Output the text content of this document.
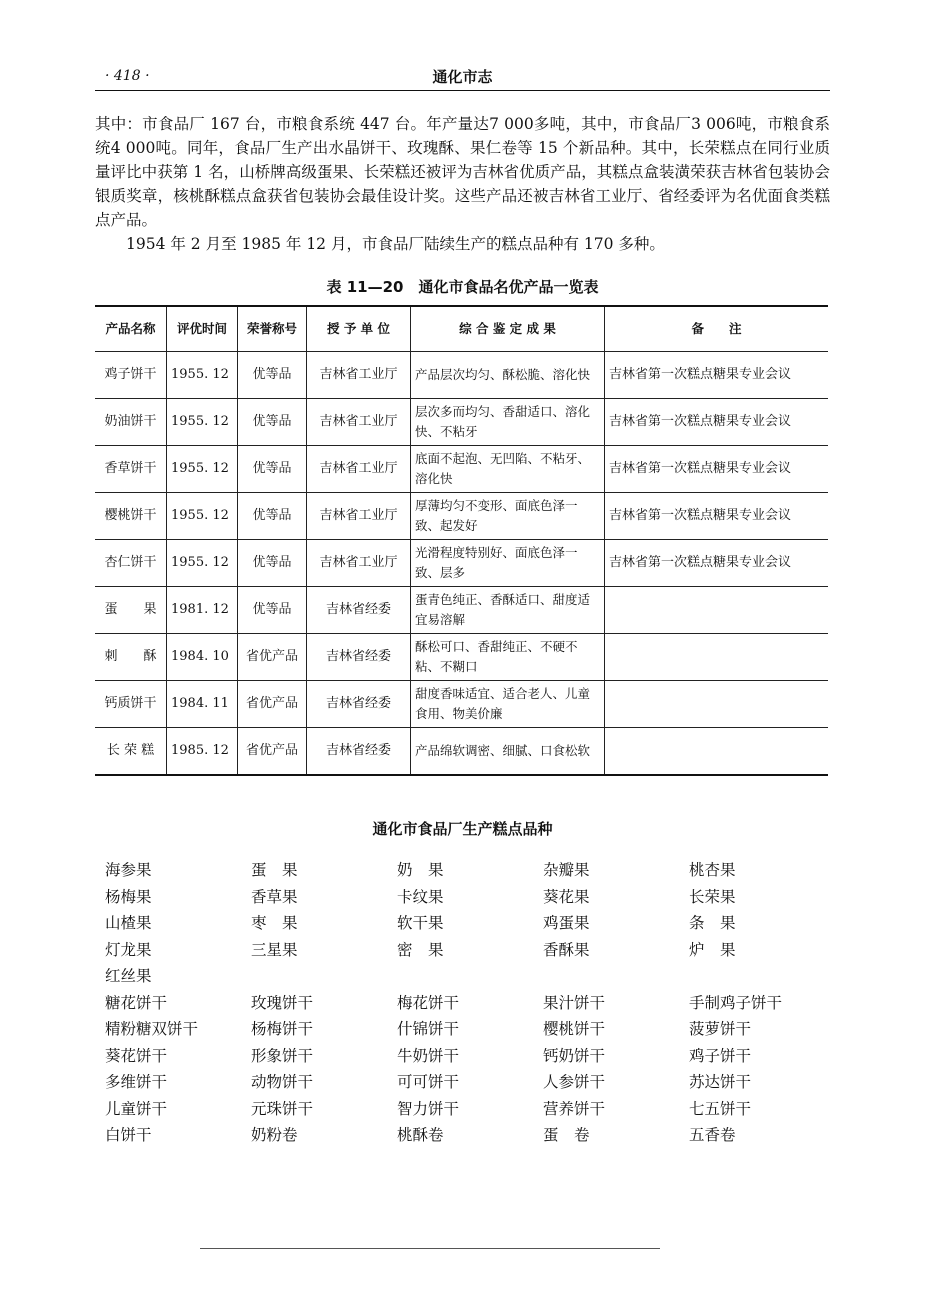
· 418 ·	通化市志

其中：市食品厂 167 台，市粮食系统 447 台。年产量达7 000多吨，其中，市食品厂3 006吨，市粮食系统4 000吨。同年，食品厂生产出水晶饼干、玫瑰酥、果仁卷等 15 个新品种。其中，长荣糕点在同行业质量评比中获第 1 名，山桥牌高级蛋果、长荣糕还被评为吉林省优质产品，其糕点盒装潢荣获吉林省包装协会银质奖章，核桃酥糕点盒获省包装协会最佳设计奖。这些产品还被吉林省工业厅、省经委评为名优面食类糕点产品。

1954 年 2 月至 1985 年 12 月，市食品厂陆续生产的糕点品种有 170 多种。

表 11—20　通化市食品名优产品一览表
产品名称	评优时间	荣誉称号	授 予 单 位	综 合 鉴 定 成 果	备　　注
鸡子饼干	1955. 12	优等品	吉林省工业厅	产品层次均匀、酥松脆、溶化快	吉林省第一次糕点糖果专业会议
奶油饼干	1955. 12	优等品	吉林省工业厅	层次多而均匀、香甜适口、溶化快、不粘牙	吉林省第一次糕点糖果专业会议
香草饼干	1955. 12	优等品	吉林省工业厅	底面不起泡、无凹陷、不粘牙、溶化快	吉林省第一次糕点糖果专业会议
樱桃饼干	1955. 12	优等品	吉林省工业厅	厚薄均匀不变形、面底色泽一致、起发好	吉林省第一次糕点糖果专业会议
杏仁饼干	1955. 12	优等品	吉林省工业厅	光滑程度特别好、面底色泽一致、层多	吉林省第一次糕点糖果专业会议
蛋　　果	1981. 12	优等品	吉林省经委	蛋青色纯正、香酥适口、甜度适宜易溶解	
刺　　酥	1984. 10	省优产品	吉林省经委	酥松可口、香甜纯正、不硬不粘、不糊口	
钙质饼干	1984. 11	省优产品	吉林省经委	甜度香味适宜、适合老人、儿童食用、物美价廉	
长 荣 糕	1985. 12	省优产品	吉林省经委	产品绵软调密、细腻、口食松软	
通化市食品厂生产糕点品种
海参果	蛋　果	奶　果	杂瓣果	桃杏果
杨梅果	香草果	卡纹果	葵花果	长荣果
山楂果	枣　果	软干果	鸡蛋果	条　果
灯龙果	三星果	密　果	香酥果	炉　果
红丝果
糖花饼干	玫瑰饼干	梅花饼干	果汁饼干	手制鸡子饼干
精粉糖双饼干	杨梅饼干	什锦饼干	樱桃饼干	菠萝饼干
葵花饼干	形象饼干	牛奶饼干	钙奶饼干	鸡子饼干
多维饼干	动物饼干	可可饼干	人参饼干	苏达饼干
儿童饼干	元珠饼干	智力饼干	营养饼干	七五饼干
白饼干	奶粉卷	桃酥卷	蛋　卷	五香卷
